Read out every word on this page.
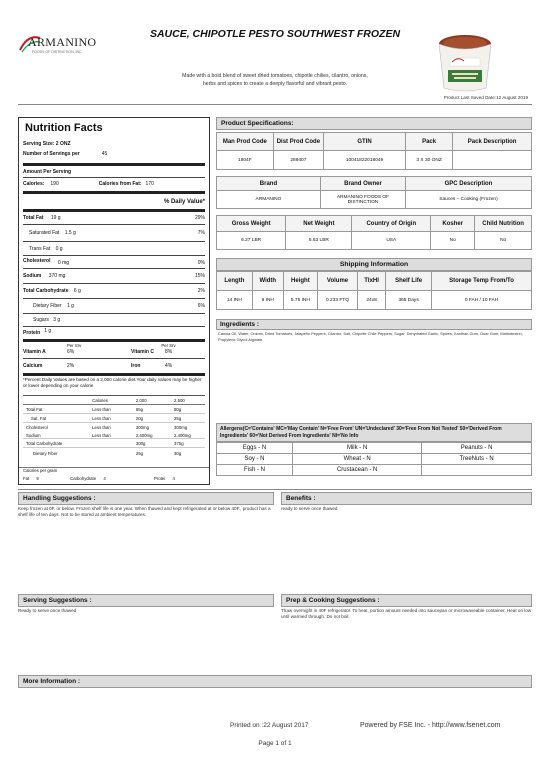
SAUCE, CHIPOTLE PESTO SOUTHWEST FROZEN
ARMANINO
FOODS OF DISTINCTION, INC.
Made with a bold blend of sweet dried tomatoes, chipotle chilies, cilantro, onions,
herbs and spices to create a deeply flavorful and vibrant pesto.
Product Last Saved Date:12 August 2019
Nutrition Facts
Serving Size: 2 ONZ
Number of Servings per	45
Amount Per Serving
Calories: 190	Calories from Fat: 170
% Daily Value*
Total Fat 19 g	29%
Saturated Fat 1.5 g	7%
Trans Fat 0 g
Cholesterol 0 mg	0%
Sodium 370 mg	15%
Total Carbohydrate 6 g	2%
Dietary Fiber 1 g	6%
Sugars 3 g
Protein 1 g
Per Srv	Per Srv
Vitamin A	6%	Vitamin C	8%
Calcium	2%	Iron	4%
*Percent Daily Values are based on a 2,000 calorie diet.Your daily values may be higher or lower depending on your calorie
Calories	2,000	2,500
Total Fat	Less than	65g	80g
Sat. Fat	Less than	20g	25g
Cholesterol	Less than	300mg	300mg
Sodium	Less than	2,400mg	2,400mg
Total Carbohydrate	300g	375g
Dietary Fiber	25g	30g
Calories per gram
Fat 9	Carbohydrate 4	Protei 4
Product Specifications:
Man Prod Code	Dist Prod Code	GTIN	Pack	Pack Description
1804F	289407	10041822018049	3 X 30 ONZ	
Brand	Brand Owner	GPC Description
ARMANINO	ARMANINO FOODS OF DISTINCTION	Sauces – Cooking (Frozen)
Gross Weight	Net Weight	Country of Origin	Kosher	Child Nutrition
6.27 LBR	5.63 LBR	USA	No	No
Shipping Information
Length	Width	Height	Volume	TIxHI	Shelf Life	Storage Temp From/To
14 INH	9 INH	5.75 INH	0.233 FTQ	24x8	365 Days	0 FAH / 10 FAH
Ingredients :
Canola Oil, Water, Onions, Dried Tomatoes, Jalapeño Peppers, Cilantro, Salt, Chipotle Chile Peppers, Sugar, Dehydrated Garlic, Spices, Xanthan Gum, Guar Gum, Maltodextrin, Propylene Glycol Alginate.
Allergens(C='Contains' MC='May Contain' N='Free From' UN='Undeclared' 30='Free From Not Tested' 50='Derived From Ingredients' 60='Not Derived From Ingredients' NI='No Info
Eggs - N	Milk - N	Peanuts - N
Soy - N	Wheat - N	TreeNuts - N
Fish - N	Crustacean - N	
Handling Suggestions :
Keep frozen at 0F. or below. Frozen shelf life is one year. When thawed and kept refrigerated at or below 40F., product has a shelf life of ten days. Not to be stored at ambient temperatures.
Benefits :
ready to serve once thawed
Serving Suggestions :
Ready to serve once thawed
Prep & Cooking Suggestions :
Thaw overnight in 40F refrigerator. To heat, portion amount needed into saucepan or microwaveable container. Heat on low until warmed through. Do not boil.
More Information :
Printed on :22 August 2017	Powered by FSE Inc. - http://www.fsenet.com
Page 1 of 1
